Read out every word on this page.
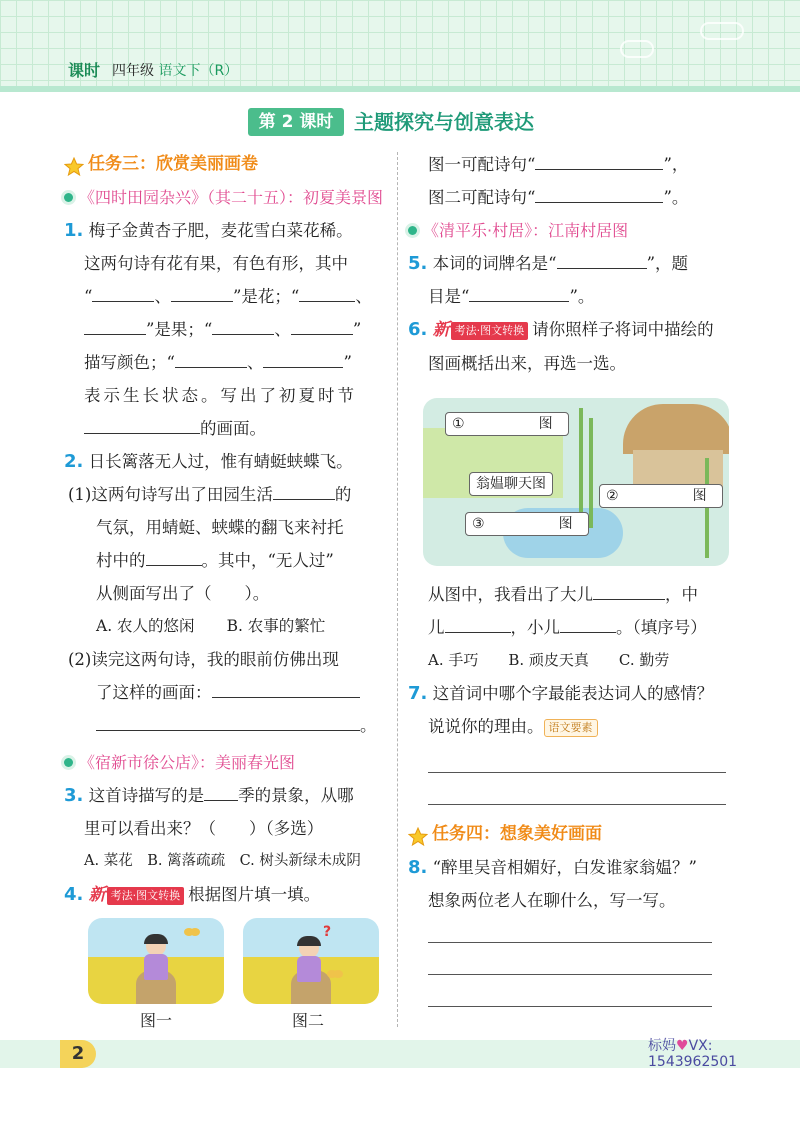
课时 四年级 语文下（R）
第 2 课时	主题探究与创意表达
任务三：欣赏美丽画卷
《四时田园杂兴》（其二十五）：初夏美景图
1. 梅子金黄杏子肥，麦花雪白菜花稀。
这两句诗有花有果，有色有形，其中
“	、	”是花；“	、
”是果；“	、	”
描写颜色；“	、	”
表示生长状态。写出了初夏时节
的画面。
2. 日长篱落无人过，惟有蜻蜓蛱蝶飞。
(1)这两句诗写出了田园生活	的
气氛，用蜻蜓、蛱蝶的翻飞来衬托
村中的	。其中，“无人过”
从侧面写出了（　　）。
A. 农人的悠闲 B. 农事的繁忙
(2)读完这两句诗，我的眼前仿佛出现
了这样的画面：
。
《宿新市徐公店》：美丽春光图
3. 这首诗描写的是 季的景象，从哪
里可以看出来？（　　）（多选）
A. 菜花　B. 篱落疏疏　C. 树头新绿未成阴
4. 新 考法·图文转换 根据图片填一填。
图一
?
图二
图一可配诗句“	”，
图二可配诗句“	”。
《清平乐·村居》：江南村居图
5. 本词的词牌名是“	”，题
目是“	”。
6. 新 考法·图文转换 请你照样子将词中描绘的
图画概括出来，再选一选。
①	图
翁媪聊天图
②	图
③	图
从图中，我看出了大儿	，中
儿	，小儿	。（填序号）
A. 手巧　　B. 顽皮天真　　C. 勤劳
7. 这首词中哪个字最能表达词人的感情？
说说你的理由。 语文要素
任务四：想象美好画面
8. “醉里吴音相媚好，白发谁家翁媪？”
想象两位老人在聊什么，写一写。
2	标妈♥VX:
1543962501
